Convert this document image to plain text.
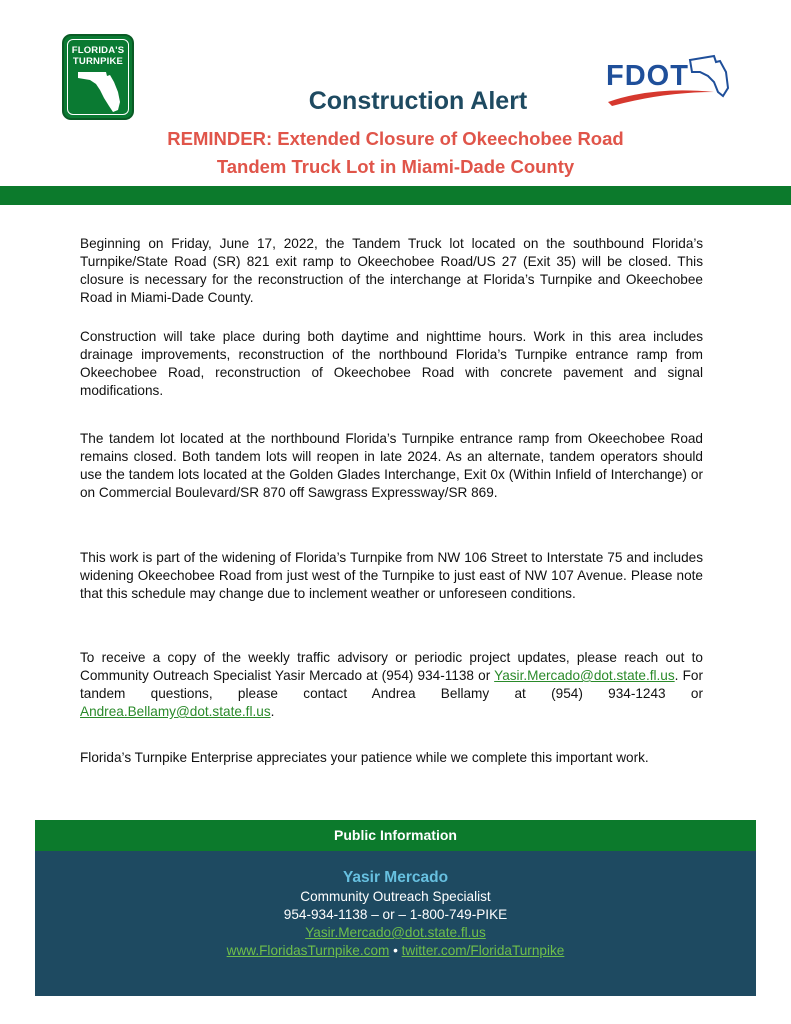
FLORIDA'S
TURNPIKE	FDOT
Construction Alert
REMINDER: Extended Closure of Okeechobee Road
Tandem Truck Lot in Miami-Dade County
Beginning on Friday, June 17, 2022, the Tandem Truck lot located on the southbound Florida’s Turnpike/State Road (SR) 821 exit ramp to Okeechobee Road/US 27 (Exit 35) will be closed. This closure is necessary for the reconstruction of the interchange at Florida’s Turnpike and Okeechobee Road in Miami-Dade County.
Construction will take place during both daytime and nighttime hours. Work in this area includes drainage improvements, reconstruction of the northbound Florida’s Turnpike entrance ramp from Okeechobee Road, reconstruction of Okeechobee Road with concrete pavement and signal modifications.
The tandem lot located at the northbound Florida’s Turnpike entrance ramp from Okeechobee Road remains closed. Both tandem lots will reopen in late 2024. As an alternate, tandem operators should use the tandem lots located at the Golden Glades Interchange, Exit 0x (Within Infield of Interchange) or on Commercial Boulevard/SR 870 off Sawgrass Expressway/SR 869.
This work is part of the widening of Florida’s Turnpike from NW 106 Street to Interstate 75 and includes widening Okeechobee Road from just west of the Turnpike to just east of NW 107 Avenue. Please note that this schedule may change due to inclement weather or unforeseen conditions.
To receive a copy of the weekly traffic advisory or periodic project updates, please reach out to Community Outreach Specialist Yasir Mercado at (954) 934-1138 or Yasir.Mercado@dot.state.fl.us. For tandem questions, please contact Andrea Bellamy at (954) 934-1243 or Andrea.Bellamy@dot.state.fl.us.
Florida’s Turnpike Enterprise appreciates your patience while we complete this important work.
Public Information
Yasir Mercado
Community Outreach Specialist
954-934-1138 – or – 1-800-749-PIKE
Yasir.Mercado@dot.state.fl.us
www.FloridasTurnpike.com • twitter.com/FloridaTurnpike
